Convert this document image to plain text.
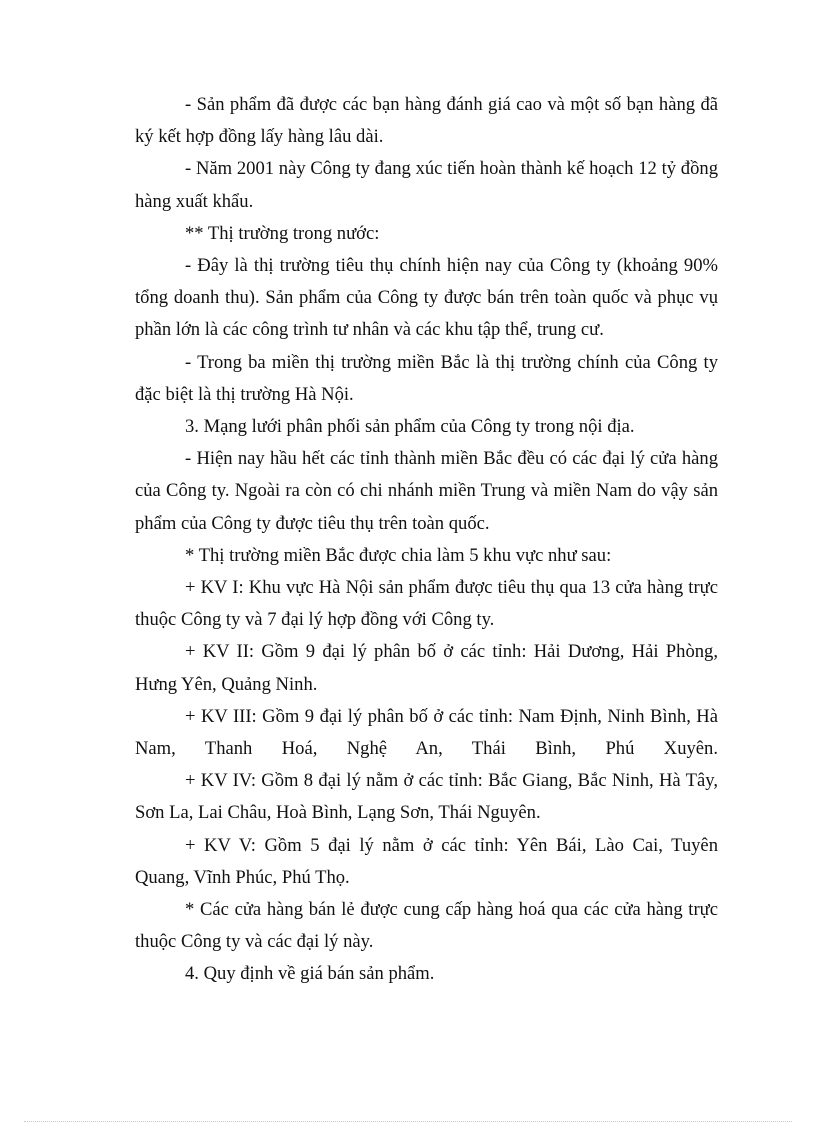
- Sản phẩm đã được các bạn hàng đánh giá cao và một số bạn hàng đã ký kết hợp đồng lấy hàng lâu dài.

- Năm 2001 này Công ty đang xúc tiến hoàn thành kế hoạch 12 tỷ đồng hàng xuất khẩu.

** Thị trường trong nước:

- Đây là thị trường tiêu thụ chính hiện nay của Công ty (khoảng 90% tổng doanh thu). Sản phẩm của Công ty được bán trên toàn quốc và phục vụ phần lớn là các công trình tư nhân và các khu tập thể, trung cư.

- Trong ba miền thị trường miền Bắc là thị trường chính của Công ty đặc biệt là thị trường Hà Nội.

3. Mạng lưới phân phối sản phẩm của Công ty trong nội địa.

- Hiện nay hầu hết các tỉnh thành miền Bắc đều có các đại lý cửa hàng của Công ty. Ngoài ra còn có chi nhánh miền Trung và miền Nam do vậy sản phẩm của Công ty được tiêu thụ trên toàn quốc.

* Thị trường miền Bắc được chia làm 5 khu vực như sau:

+ KV I: Khu vực Hà Nội sản phẩm được tiêu thụ qua 13 cửa hàng trực thuộc Công ty và 7 đại lý hợp đồng với Công ty.

+ KV II: Gồm 9 đại lý phân bố ở các tỉnh: Hải Dương, Hải Phòng, Hưng Yên, Quảng Ninh.

+ KV III: Gồm 9 đại lý phân bố ở các tỉnh: Nam Định, Ninh Bình, Hà Nam, Thanh Hoá, Nghệ An, Thái Bình, Phú Xuyên.

+ KV IV: Gồm 8 đại lý nằm ở các tỉnh: Bắc Giang, Bắc Ninh, Hà Tây, Sơn La, Lai Châu, Hoà Bình, Lạng Sơn, Thái Nguyên.

+ KV V: Gồm 5 đại lý nằm ở các tỉnh: Yên Bái, Lào Cai, Tuyên Quang, Vĩnh Phúc, Phú Thọ.

* Các cửa hàng bán lẻ được cung cấp hàng hoá qua các cửa hàng trực thuộc Công ty và các đại lý này.

4. Quy định về giá bán sản phẩm.
